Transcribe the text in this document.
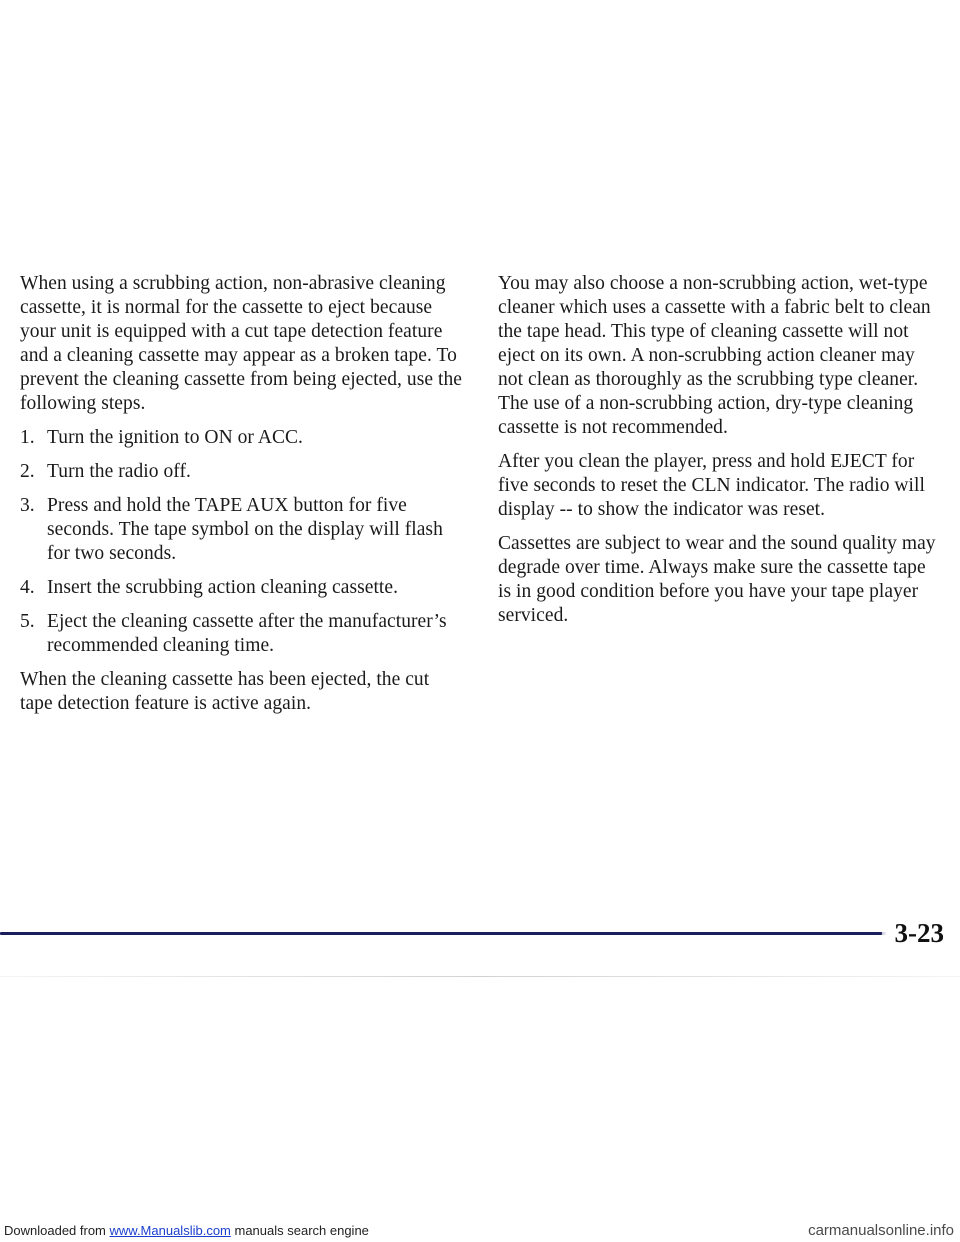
When using a scrubbing action, non-abrasive cleaning cassette, it is normal for the cassette to eject because your unit is equipped with a cut tape detection feature and a cleaning cassette may appear as a broken tape. To prevent the cleaning cassette from being ejected, use the following steps.

1. Turn the ignition to ON or ACC.
2. Turn the radio off.
3. Press and hold the TAPE AUX button for five seconds. The tape symbol on the display will flash for two seconds.
4. Insert the scrubbing action cleaning cassette.
5. Eject the cleaning cassette after the manufacturer’s recommended cleaning time.

When the cleaning cassette has been ejected, the cut tape detection feature is active again.

You may also choose a non-scrubbing action, wet-type cleaner which uses a cassette with a fabric belt to clean the tape head. This type of cleaning cassette will not eject on its own. A non-scrubbing action cleaner may not clean as thoroughly as the scrubbing type cleaner. The use of a non-scrubbing action, dry-type cleaning cassette is not recommended.

After you clean the player, press and hold EJECT for five seconds to reset the CLN indicator. The radio will display -- to show the indicator was reset.

Cassettes are subject to wear and the sound quality may degrade over time. Always make sure the cassette tape is in good condition before you have your tape player serviced.

3-23
Downloaded from www.Manualslib.com manuals search engine	carmanualsonline.info
